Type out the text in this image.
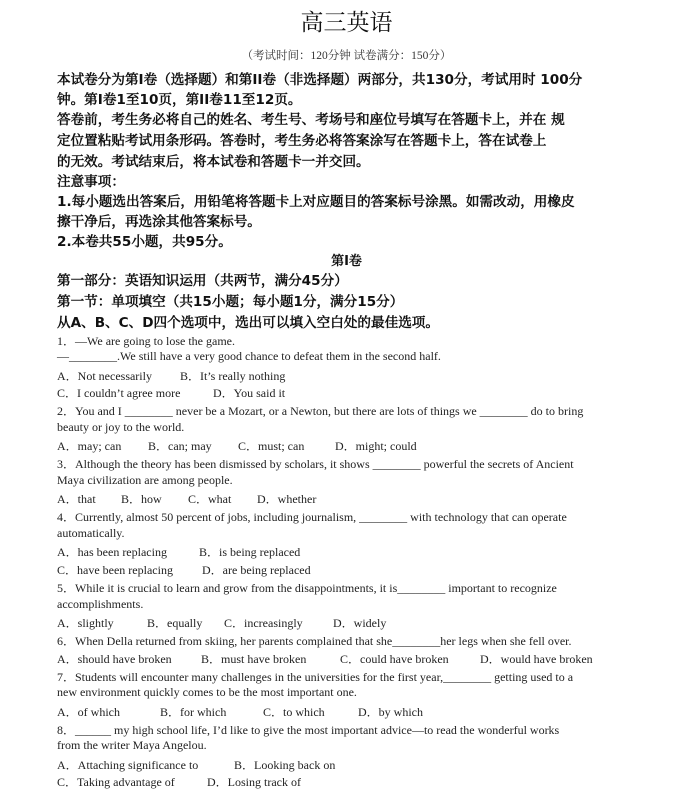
高三英语
（考试时间：120分钟 试卷满分：150分）
本试卷分为第I卷（选择题）和第II卷（非选择题）两部分，共130分，考试用时 100分
钟。第I卷1至10页，第II卷11至12页。
答卷前，考生务必将自己的姓名、考生号、考场号和座位号填写在答题卡上，并在 规
定位置粘贴考试用条形码。答卷时，考生务必将答案涂写在答题卡上，答在试卷上
的无效。考试结束后，将本试卷和答题卡一并交回。
注意事项：
1.每小题选出答案后，用铅笔将答题卡上对应题目的答案标号涂黑。如需改动，用橡皮
擦干净后，再选涂其他答案标号。
2.本卷共55小题，共95分。
第I卷
第一部分：英语知识运用（共两节，满分45分）
第一节：单项填空（共15小题；每小题1分，满分15分）
从A、B、C、D四个选项中，选出可以填入空白处的最佳选项。
1．—We are going to lose the game.
—________.We still have a very good chance to defeat them in the second half.
A．Not necessarily B．It’s really nothing
C．I couldn’t agree more	D．You said it
2．You and I ________ never be a Mozart, or a Newton, but there are lots of things we ________ do to bring
beauty or joy to the world.
A．may; can B．can; may C．must; can	D．might; could
3．Although the theory has been dismissed by scholars, it shows ________ powerful the secrets of Ancient
Maya civilization are among people.
A．that B．how C．what D．whether
4．Currently, almost 50 percent of jobs, including journalism, ________ with technology that can operate
automatically.
A．has been replacing	B．is being replaced
C．have been replacing D．are being replaced
5．While it is crucial to learn and grow from the disappointments, it is________ important to recognize
accomplishments.
A．slightly	B．equally C．increasingly	D．widely
6．When Della returned from skiing, her parents complained that she________her legs when she fell over.
A．should have broken B．must have broken	C．could have broken	D．would have broken
7．Students will encounter many challenges in the universities for the first year,________ getting used to a
new environment quickly comes to be the most important one.
A．of which	B．for which	C．to which	D．by which
8．______ my high school life, I’d like to give the most important advice—to read the wonderful works
from the writer Maya Angelou.
A．Attaching significance to	B．Looking back on
C．Taking advantage of	D．Losing track of
